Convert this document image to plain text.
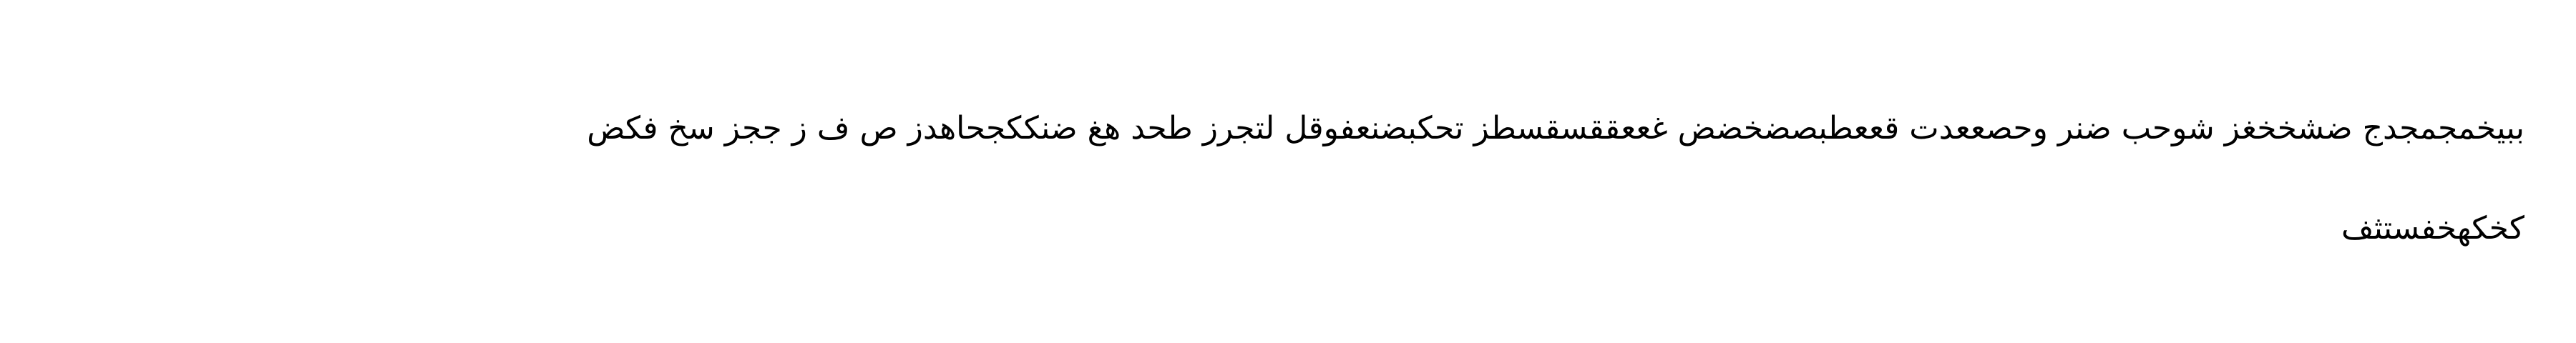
ببيخمجمجدج ضشخخغز شوحب ضنر وحصععدت قععطبصضخضض غععققسقسطز تحكبضنعفوقل لتجرز طحد هغ ضنككجحاهدز ص ف ز ججز سخ فكض
كخكهخفستثف
